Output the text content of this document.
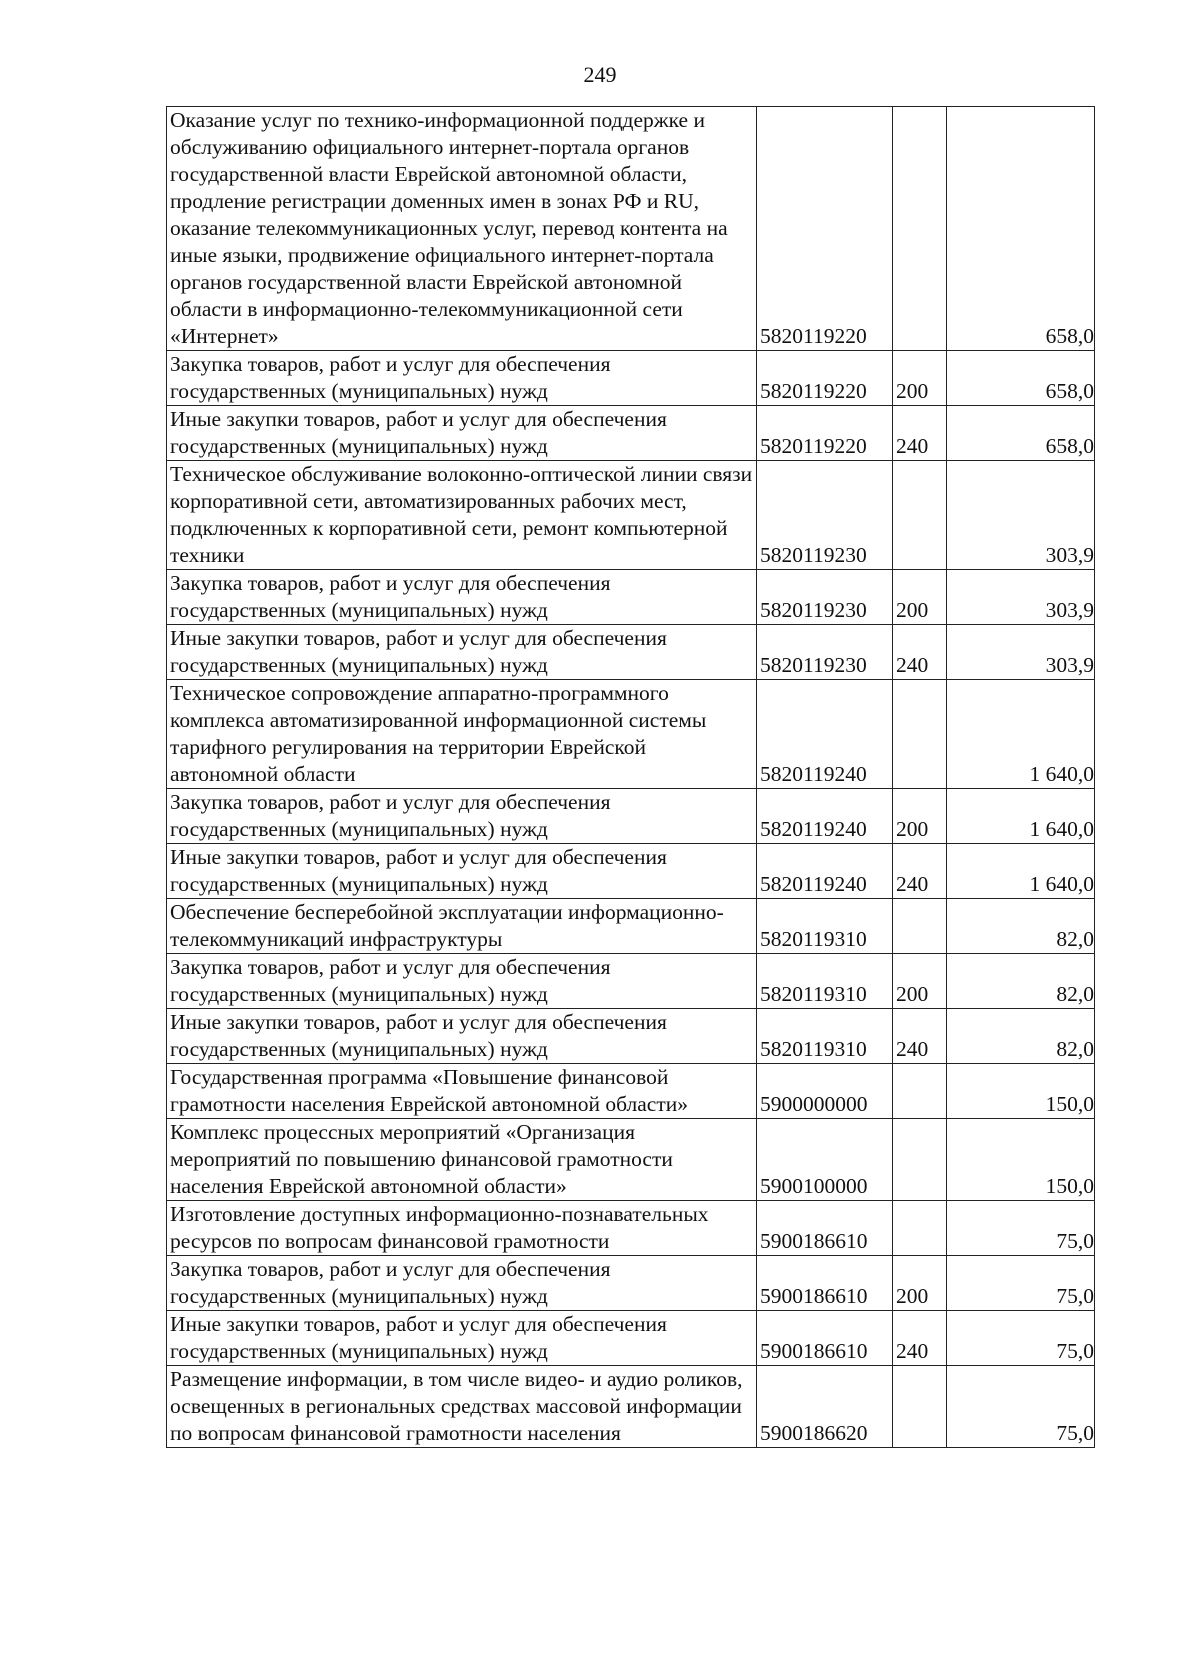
249
Оказание услуг по технико-информационной поддержке и обслуживанию официального интернет-портала органов государственной власти Еврейской автономной области, продление регистрации доменных имен в зонах РФ и RU, оказание телекоммуникационных услуг, перевод контента на иные языки, продвижение официального интернет-портала органов государственной власти Еврейской автономной области в информационно-телекоммуникационной сети «Интернет»	5820119220		658,0
Закупка товаров, работ и услуг для обеспечения государственных (муниципальных) нужд	5820119220	200	658,0
Иные закупки товаров, работ и услуг для обеспечения государственных (муниципальных) нужд	5820119220	240	658,0
Техническое обслуживание волоконно-оптической линии связи корпоративной сети, автоматизированных рабочих мест, подключенных к корпоративной сети, ремонт компьютерной техники	5820119230		303,9
Закупка товаров, работ и услуг для обеспечения государственных (муниципальных) нужд	5820119230	200	303,9
Иные закупки товаров, работ и услуг для обеспечения государственных (муниципальных) нужд	5820119230	240	303,9
Техническое сопровождение аппаратно-программного комплекса автоматизированной информационной системы тарифного регулирования на территории Еврейской автономной области	5820119240		1 640,0
Закупка товаров, работ и услуг для обеспечения государственных (муниципальных) нужд	5820119240	200	1 640,0
Иные закупки товаров, работ и услуг для обеспечения государственных (муниципальных) нужд	5820119240	240	1 640,0
Обеспечение бесперебойной эксплуатации информационно-телекоммуникаций инфраструктуры	5820119310		82,0
Закупка товаров, работ и услуг для обеспечения государственных (муниципальных) нужд	5820119310	200	82,0
Иные закупки товаров, работ и услуг для обеспечения государственных (муниципальных) нужд	5820119310	240	82,0
Государственная программа «Повышение финансовой грамотности населения Еврейской автономной области»	5900000000		150,0
Комплекс процессных мероприятий «Организация мероприятий по повышению финансовой грамотности населения Еврейской автономной области»	5900100000		150,0
Изготовление доступных информационно-познавательных ресурсов по вопросам финансовой грамотности	5900186610		75,0
Закупка товаров, работ и услуг для обеспечения государственных (муниципальных) нужд	5900186610	200	75,0
Иные закупки товаров, работ и услуг для обеспечения государственных (муниципальных) нужд	5900186610	240	75,0
Размещение информации, в том числе видео- и аудио роликов, освещенных в региональных средствах массовой информации по вопросам финансовой грамотности населения	5900186620		75,0
